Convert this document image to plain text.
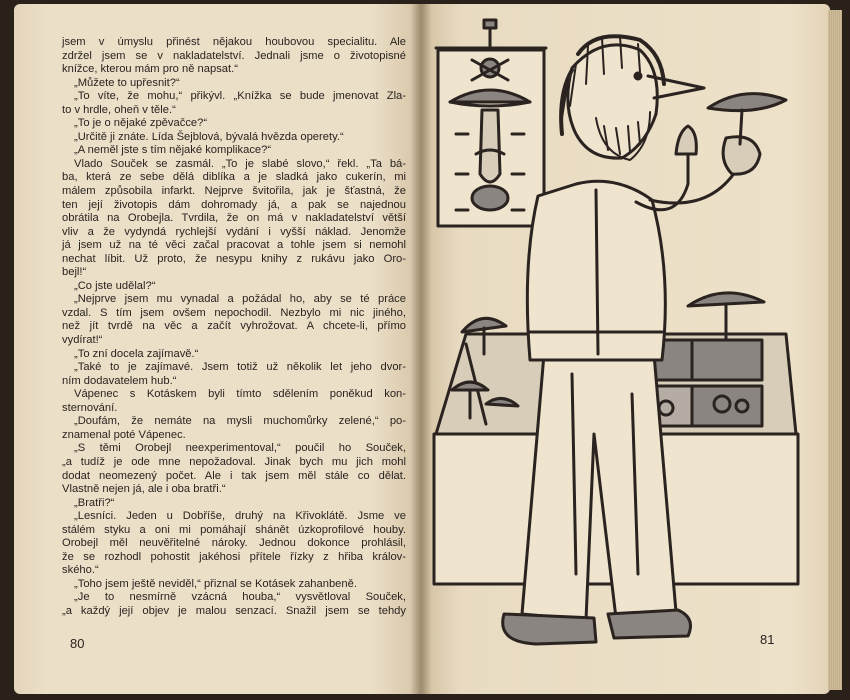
jsem v úmyslu přinést nějakou houbovou specialitu. Ale

zdržel jsem se v nakladatelství. Jednali jsme o životopisné

knížce, kterou mám pro ně napsat.“

„Můžete to upřesnit?“

„To víte, že mohu,“ přikývl. „Knížka se bude jmenovat Zla-

to v hrdle, oheň v těle.“

„To je o nějaké zpěvačce?“

„Určitě ji znáte. Lída Šejblová, bývalá hvězda operety.“

„A neměl jste s tím nějaké komplikace?“

Vlado Souček se zasmál. „To je slabé slovo,“ řekl. „Ta bá-

ba, která ze sebe dělá diblíka a je sladká jako cukerín, mi

málem způsobila infarkt. Nejprve švitořila, jak je šťastná, že

ten její životopis dám dohromady já, a pak se najednou

obrátila na Orobejla. Tvrdila, že on má v nakladatelství větší

vliv a že vydyndá rychlejší vydání i vyšší náklad. Jenomže

já jsem už na té věci začal pracovat a tohle jsem si nemohl

nechat líbit. Už proto, že nesypu knihy z rukávu jako Oro-

bejl!“

„Co jste udělal?“

„Nejprve jsem mu vynadal a požádal ho, aby se té práce

vzdal. S tím jsem ovšem nepochodil. Nezbylo mi nic jiného,

než jít tvrdě na věc a začít vyhrožovat. A chcete-li, přímo

vydírat!“

„To zní docela zajímavě.“

„Také to je zajímavé. Jsem totiž už několik let jeho dvor-

ním dodavatelem hub.“

Vápenec s Kotáskem byli tímto sdělením poněkud kon-

sternování.

„Doufám, že nemáte na mysli muchomůrky zelené,“ po-

znamenal poté Vápenec.

„S těmi Orobejl neexperimentoval,“ poučil ho Souček,

„a tudíž je ode mne nepožadoval. Jinak bych mu jich mohl

dodat neomezený počet. Ale i tak jsem měl stále co dělat.

Vlastně nejen já, ale i oba bratři.“

„Bratři?“

„Lesníci. Jeden u Dobříše, druhý na Křivoklátě. Jsme ve

stálém styku a oni mi pomáhají shánět úzkoprofilové houby.

Orobejl měl neuvěřitelné nároky. Jednou dokonce prohlásil,

že se rozhodl pohostit jakéhosi přítele řízky z hřiba králov-

ského.“

„Toho jsem ještě neviděl,“ přiznal se Kotásek zahanbeně.

„Je to nesmírně vzácná houba,“ vysvětloval Souček,

„a každý její objev je malou senzací. Snažil jsem se tehdy

80	81
